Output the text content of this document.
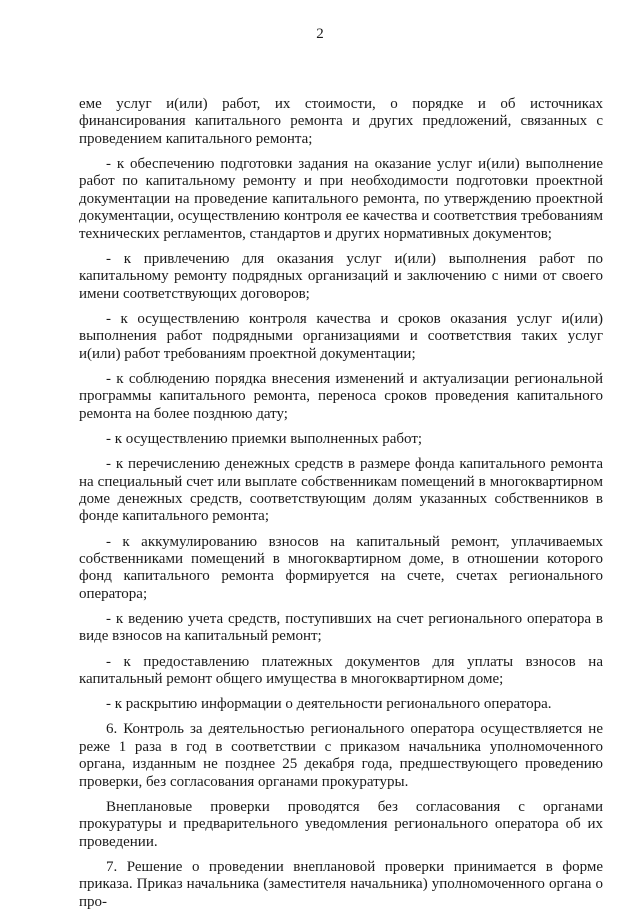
2

еме услуг и(или) работ, их стоимости, о порядке и об источниках финансирования капитального ремонта и других предложений, связанных с проведением капитального ремонта;

- к обеспечению подготовки задания на оказание услуг и(или) выполнение работ по капитальному ремонту и при необходимости подготовки проектной документации на проведение капитального ремонта, по утверждению проектной документации, осуществлению контроля ее качества и соответствия требованиям технических регламентов, стандартов и других нормативных документов;

- к привлечению для оказания услуг и(или) выполнения работ по капитальному ремонту подрядных организаций и заключению с ними от своего имени соответствующих договоров;

- к осуществлению контроля качества и сроков оказания услуг и(или) выполнения работ подрядными организациями и соответствия таких услуг и(или) работ требованиям проектной документации;

- к соблюдению порядка внесения изменений и актуализации региональной программы капитального ремонта, переноса сроков проведения капитального ремонта на более позднюю дату;

- к осуществлению приемки выполненных работ;

- к перечислению денежных средств в размере фонда капитального ремонта на специальный счет или выплате собственникам помещений в многоквартирном доме денежных средств, соответствующим долям указанных собственников в фонде капитального ремонта;

- к аккумулированию взносов на капитальный ремонт, уплачиваемых собственниками помещений в многоквартирном доме, в отношении которого фонд капитального ремонта формируется на счете, счетах регионального оператора;

- к ведению учета средств, поступивших на счет регионального оператора в виде взносов на капитальный ремонт;

- к предоставлению платежных документов для уплаты взносов на капитальный ремонт общего имущества в многоквартирном доме;

- к раскрытию информации о деятельности регионального оператора.

6. Контроль за деятельностью регионального оператора осуществляется не реже 1 раза в год в соответствии с приказом начальника уполномоченного органа, изданным не позднее 25 декабря года, предшествующего проведению проверки, без согласования органами прокуратуры.

Внеплановые проверки проводятся без согласования с органами прокуратуры и предварительного уведомления регионального оператора об их проведении.

7. Решение о проведении внеплановой проверки принимается в форме приказа. Приказ начальника (заместителя начальника) уполномоченного органа о про-
